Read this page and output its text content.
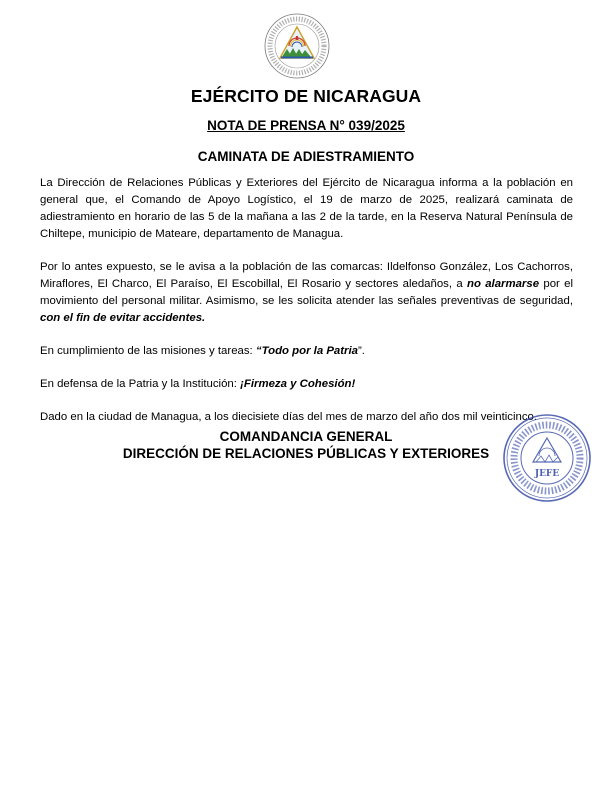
EJÉRCITO DE NICARAGUA
NOTA DE PRENSA N° 039/2025
CAMINATA DE ADIESTRAMIENTO

La Dirección de Relaciones Públicas y Exteriores del Ejército de Nicaragua informa a la población en general que, el Comando de Apoyo Logístico, el 19 de marzo de 2025, realizará caminata de adiestramiento en horario de las 5 de la mañana a las 2 de la tarde, en la Reserva Natural Península de Chiltepe, municipio de Mateare, departamento de Managua.

Por lo antes expuesto, se le avisa a la población de las comarcas: Ildelfonso González, Los Cachorros, Miraflores, El Charco, El Paraíso, El Escobillal, El Rosario y sectores aledaños, a no alarmarse por el movimiento del personal militar. Asimismo, se les solicita atender las señales preventivas de seguridad, con el fin de evitar accidentes.

En cumplimiento de las misiones y tareas: “Todo por la Patria”.

En defensa de la Patria y la Institución: ¡Firmeza y Cohesión!

Dado en la ciudad de Managua, a los diecisiete días del mes de marzo del año dos mil veinticinco.

COMANDANCIA GENERAL
DIRECCIÓN DE RELACIONES PÚBLICAS Y EXTERIORES
JEFE
